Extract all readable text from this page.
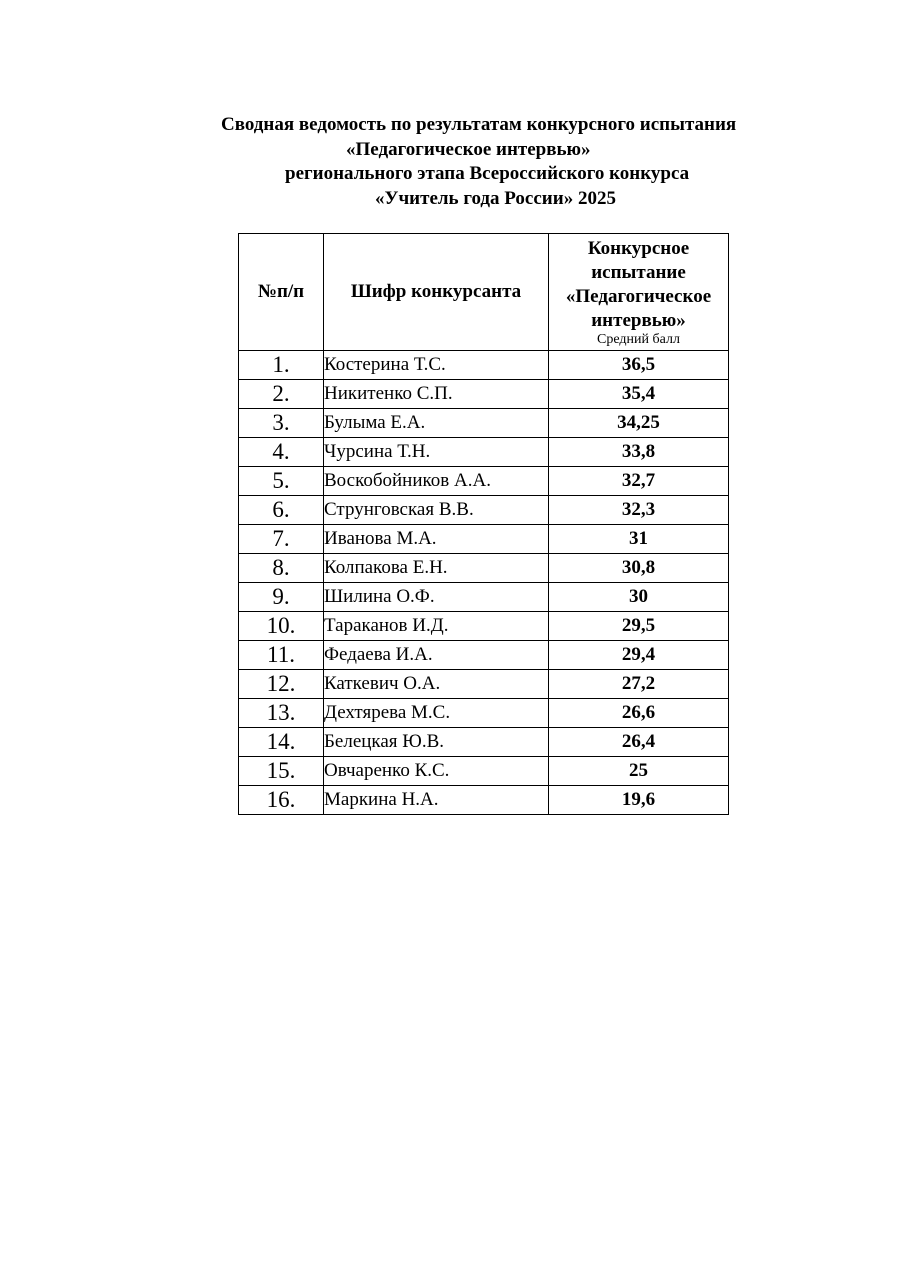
Сводная ведомость по результатам конкурсного испытания
«Педагогическое интервью»
регионального этапа Всероссийского конкурса
«Учитель года России» 2025
№п/п	Шифр конкурсанта	Конкурсное
испытание
«Педагогическое
интервью»
Средний балл

1.	Костерина Т.С.	36,5
2.	Никитенко С.П.	35,4
3.	Булыма Е.А.	34,25
4.	Чурсина Т.Н.	33,8
5.	Воскобойников А.А.	32,7
6.	Струнговская В.В.	32,3
7.	Иванова М.А.	31
8.	Колпакова Е.Н.	30,8
9.	Шилина О.Ф.	30
10.	Тараканов И.Д.	29,5
11.	Федаева И.А.	29,4
12.	Каткевич О.А.	27,2
13.	Дехтярева М.С.	26,6
14.	Белецкая Ю.В.	26,4
15.	Овчаренко К.С.	25
16.	Маркина Н.А.	19,6
